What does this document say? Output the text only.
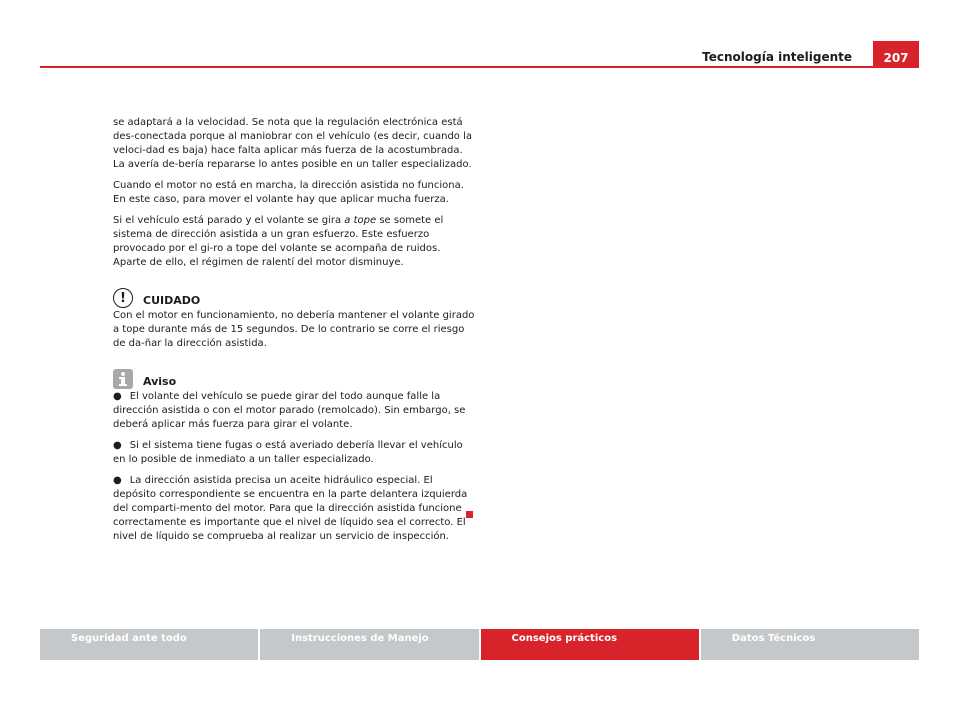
Tecnología inteligente	207

se adaptará a la velocidad. Se nota que la regulación electrónica está des-conectada porque al maniobrar con el vehículo (es decir, cuando la veloci-dad es baja) hace falta aplicar más fuerza de la acostumbrada. La avería de-bería repararse lo antes posible en un taller especializado.

Cuando el motor no está en marcha, la dirección asistida no funciona. En este caso, para mover el volante hay que aplicar mucha fuerza.

Si el vehículo está parado y el volante se gira a tope se somete el sistema de dirección asistida a un gran esfuerzo. Este esfuerzo provocado por el gi-ro a tope del volante se acompaña de ruidos. Aparte de ello, el régimen de ralentí del motor disminuye.

!	CUIDADO

Con el motor en funcionamiento, no debería mantener el volante girado a tope durante más de 15 segundos. De lo contrario se corre el riesgo de da-ñar la dirección asistida.

Aviso
● El volante del vehículo se puede girar del todo aunque falle la dirección asistida o con el motor parado (remolcado). Sin embargo, se deberá aplicar más fuerza para girar el volante.
● Si el sistema tiene fugas o está averiado debería llevar el vehículo en lo posible de inmediato a un taller especializado.
● La dirección asistida precisa un aceite hidráulico especial. El depósito correspondiente se encuentra en la parte delantera izquierda del comparti-mento del motor. Para que la dirección asistida funcione correctamente es importante que el nivel de líquido sea el correcto. El nivel de líquido se comprueba al realizar un servicio de inspección.
Seguridad ante todo	Instrucciones de Manejo	Consejos prácticos	Datos Técnicos
